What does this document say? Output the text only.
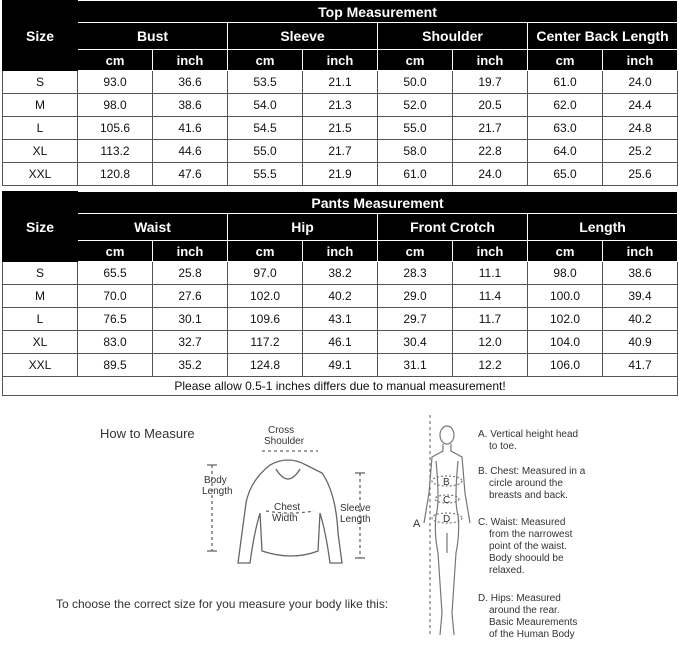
Size	Top Measurement							
	Bust		Sleeve		Shoulder		Center Back Length	
	cm	inch	cm	inch	cm	inch	cm	inch
S	93.0	36.6	53.5	21.1	50.0	19.7	61.0	24.0
M	98.0	38.6	54.0	21.3	52.0	20.5	62.0	24.4
L	105.6	41.6	54.5	21.5	55.0	21.7	63.0	24.8
XL	113.2	44.6	55.0	21.7	58.0	22.8	64.0	25.2
XXL	120.8	47.6	55.5	21.9	61.0	24.0	65.0	25.6
Size	Pants Measurement							
	Waist		Hip		Front Crotch		Length	
	cm	inch	cm	inch	cm	inch	cm	inch
S	65.5	25.8	97.0	38.2	28.3	11.1	98.0	38.6
M	70.0	27.6	102.0	40.2	29.0	11.4	100.0	39.4
L	76.5	30.1	109.6	43.1	29.7	11.7	102.0	40.2
XL	83.0	32.7	117.2	46.1	30.4	12.0	104.0	40.9
XXL	89.5	35.2	124.8	49.1	31.1	12.2	106.0	41.7
Please allow 0.5-1 inches differs due to manual measurement!								
How to Measure
To choose the correct size for you measure your body like this:
Cross
Shoulder
Body
Length
Chest
Width
Sleeve
Length	A
B
C
D
A. Vertical height head
to toe.
B. Chest: Measured in a
circle around the
breasts and back.
C. Waist: Measured
from the narrowest
point of the waist.
Body shoould be
relaxed.
D. Hips: Measured
around the rear.
Basic Meaurements
of the Human Body
